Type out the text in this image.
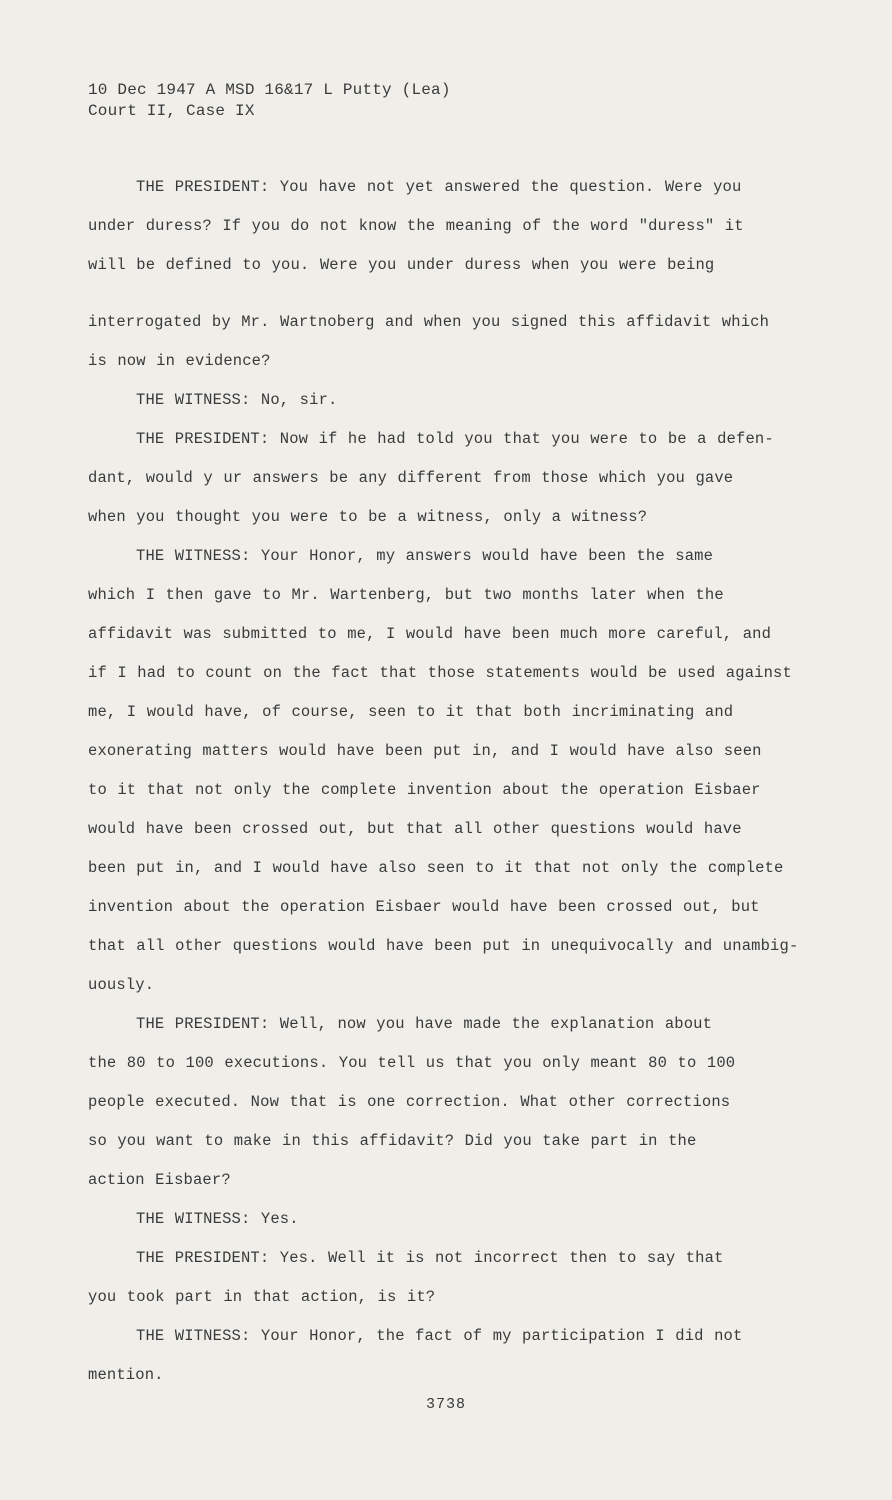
10 Dec 1947 A MSD 16&17 L Putty (Lea)
Court II, Case IX

THE PRESIDENT: You have not yet answered the question. Were you
under duress? If you do not know the meaning of the word "duress" it
will be defined to you. Were you under duress when you were being

interrogated by Mr. Wartnoberg and when you signed this affidavit which
is now in evidence?

THE WITNESS: No, sir.

THE PRESIDENT: Now if he had told you that you were to be a defen-
dant, would y ur answers be any different from those which you gave
when you thought you were to be a witness, only a witness?

THE WITNESS: Your Honor, my answers would have been the same
which I then gave to Mr. Wartenberg, but two months later when the
affidavit was submitted to me, I would have been much more careful, and
if I had to count on the fact that those statements would be used against
me, I would have, of course, seen to it that both incriminating and
exonerating matters would have been put in, and I would have also seen
to it that not only the complete invention about the operation Eisbaer
would have been crossed out, but that all other questions would have
been put in, and I would have also seen to it that not only the complete
invention about the operation Eisbaer would have been crossed out, but
that all other questions would have been put in unequivocally and unambig-
uously.

THE PRESIDENT: Well, now you have made the explanation about
the 80 to 100 executions. You tell us that you only meant 80 to 100
people executed. Now that is one correction. What other corrections
so you want to make in this affidavit? Did you take part in the
action Eisbaer?

THE WITNESS: Yes.

THE PRESIDENT: Yes. Well it is not incorrect then to say that
you took part in that action, is it?

THE WITNESS: Your Honor, the fact of my participation I did not
mention.

3738
